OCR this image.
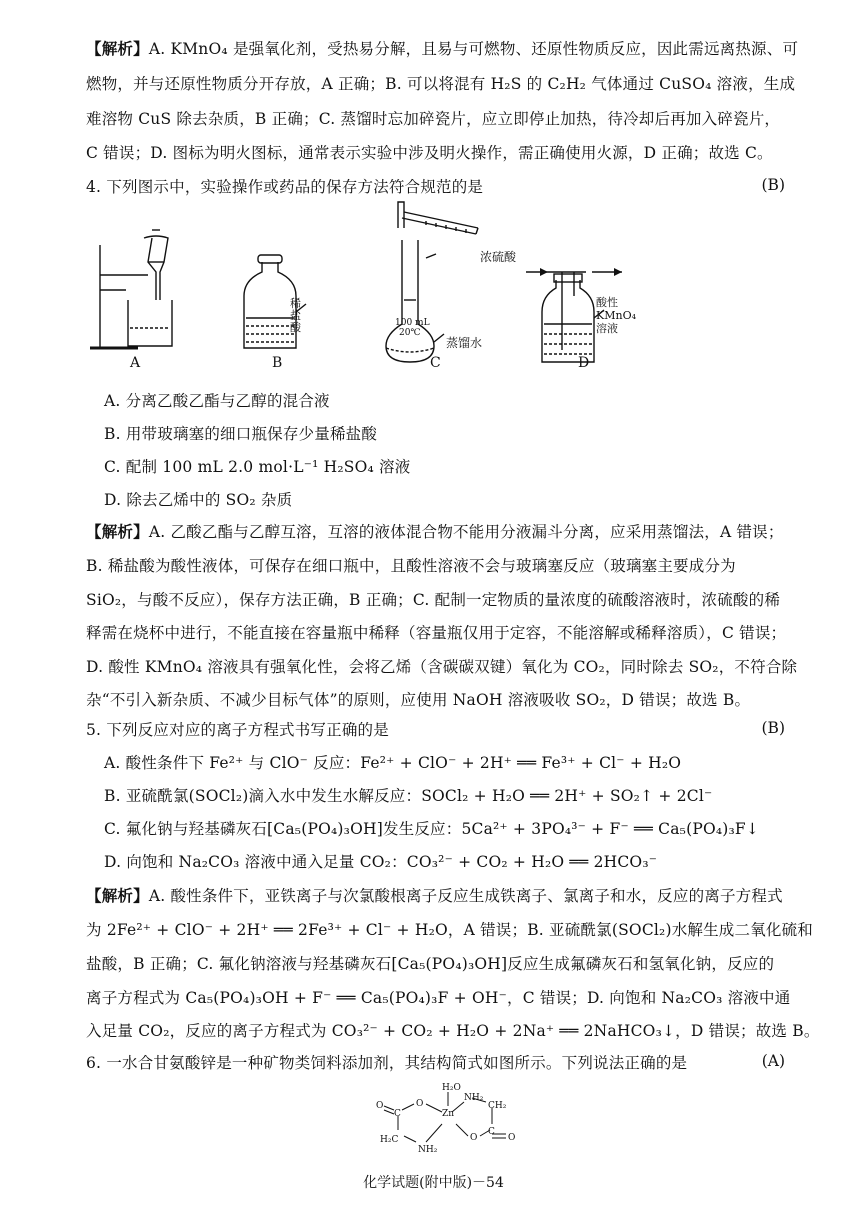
【解析】A. KMnO₄ 是强氧化剂，受热易分解，且易与可燃物、还原性物质反应，因此需远离热源、可
燃物，并与还原性物质分开存放，A 正确；B. 可以将混有 H₂S 的 C₂H₂ 气体通过 CuSO₄ 溶液，生成
难溶物 CuS 除去杂质，B 正确；C. 蒸馏时忘加碎瓷片，应立即停止加热，待冷却后再加入碎瓷片，
C 错误；D. 图标为明火图标，通常表示实验中涉及明火操作，需正确使用火源，D 正确；故选 C。
4. 下列图示中，实验操作或药品的保存方法符合规范的是	(B)
稀
盐
酸
浓硫酸
100 mL
20℃
蒸馏水
酸性
KMnO₄
溶液
A	B	C	D
A. 分离乙酸乙酯与乙醇的混合液
B. 用带玻璃塞的细口瓶保存少量稀盐酸
C. 配制 100 mL 2.0 mol·L⁻¹ H₂SO₄ 溶液
D. 除去乙烯中的 SO₂ 杂质
【解析】A. 乙酸乙酯与乙醇互溶，互溶的液体混合物不能用分液漏斗分离，应采用蒸馏法，A 错误；
B. 稀盐酸为酸性液体，可保存在细口瓶中，且酸性溶液不会与玻璃塞反应（玻璃塞主要成分为
SiO₂，与酸不反应），保存方法正确，B 正确；C. 配制一定物质的量浓度的硫酸溶液时，浓硫酸的稀
释需在烧杯中进行，不能直接在容量瓶中稀释（容量瓶仅用于定容，不能溶解或稀释溶质），C 错误；
D. 酸性 KMnO₄ 溶液具有强氧化性，会将乙烯（含碳碳双键）氧化为 CO₂，同时除去 SO₂，不符合除
杂“不引入新杂质、不减少目标气体”的原则，应使用 NaOH 溶液吸收 SO₂，D 错误；故选 B。
5. 下列反应对应的离子方程式书写正确的是	(B)
A. 酸性条件下 Fe²⁺ 与 ClO⁻ 反应：Fe²⁺ + ClO⁻ + 2H⁺ ══ Fe³⁺ + Cl⁻ + H₂O
B. 亚硫酰氯(SOCl₂)滴入水中发生水解反应：SOCl₂ + H₂O ══ 2H⁺ + SO₂↑ + 2Cl⁻
C. 氟化钠与羟基磷灰石[Ca₅(PO₄)₃OH]发生反应：5Ca²⁺ + 3PO₄³⁻ + F⁻ ══ Ca₅(PO₄)₃F↓
D. 向饱和 Na₂CO₃ 溶液中通入足量 CO₂：CO₃²⁻ + CO₂ + H₂O ══ 2HCO₃⁻
【解析】A. 酸性条件下，亚铁离子与次氯酸根离子反应生成铁离子、氯离子和水，反应的离子方程式
为 2Fe²⁺ + ClO⁻ + 2H⁺ ══ 2Fe³⁺ + Cl⁻ + H₂O，A 错误；B. 亚硫酰氯(SOCl₂)水解生成二氧化硫和
盐酸，B 正确；C. 氟化钠溶液与羟基磷灰石[Ca₅(PO₄)₃OH]反应生成氟磷灰石和氢氧化钠，反应的
离子方程式为 Ca₅(PO₄)₃OH + F⁻ ══ Ca₅(PO₄)₃F + OH⁻，C 错误；D. 向饱和 Na₂CO₃ 溶液中通
入足量 CO₂，反应的离子方程式为 CO₃²⁻ + CO₂ + H₂O + 2Na⁺ ══ 2NaHCO₃↓，D 错误；故选 B。
6. 一水合甘氨酸锌是一种矿物类饲料添加剂，其结构简式如图所示。下列说法正确的是	(A)
H₂O
Zn
NH₂
CH₂
C
O	O
O
C
O
H₂C
NH₂
化学试题(附中版)－54
